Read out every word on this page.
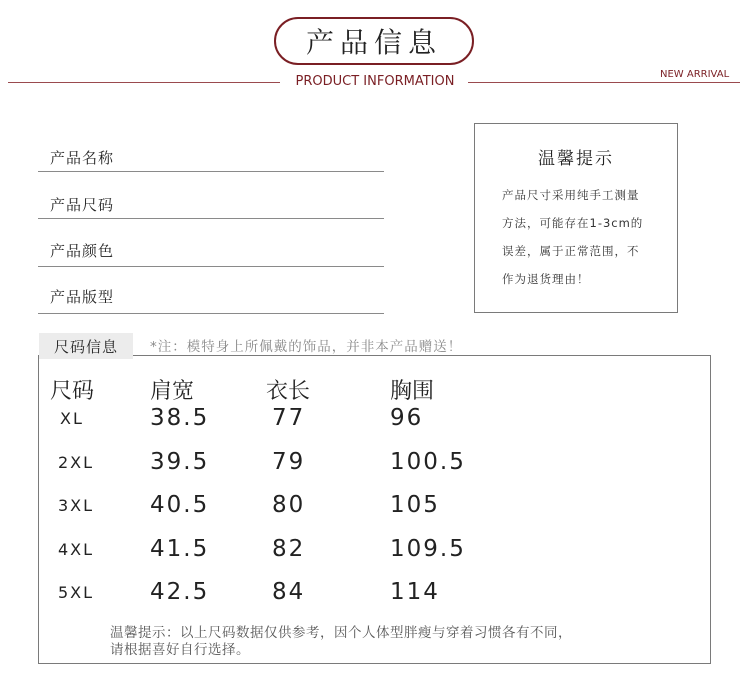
产品信息
PRODUCT INFORMATION	NEW ARRIVAL
产品名称
产品尺码
产品颜色
产品版型
温馨提示
产品尺寸采用纯手工测量
方法，可能存在1-3cm的
误差，属于正常范围，不
作为退货理由！
尺码信息	*注：模特身上所佩戴的饰品，并非本产品赠送！
尺码	肩宽	衣长	胸围
XL	38.5	77	96
2XL 39.5	79	100.5
3XL 40.5	80	105
4XL 41.5	82	109.5
5XL 42.5	84	114
温馨提示：以上尺码数据仅供参考，因个人体型胖瘦与穿着习惯各有不同，
请根据喜好自行选择。
